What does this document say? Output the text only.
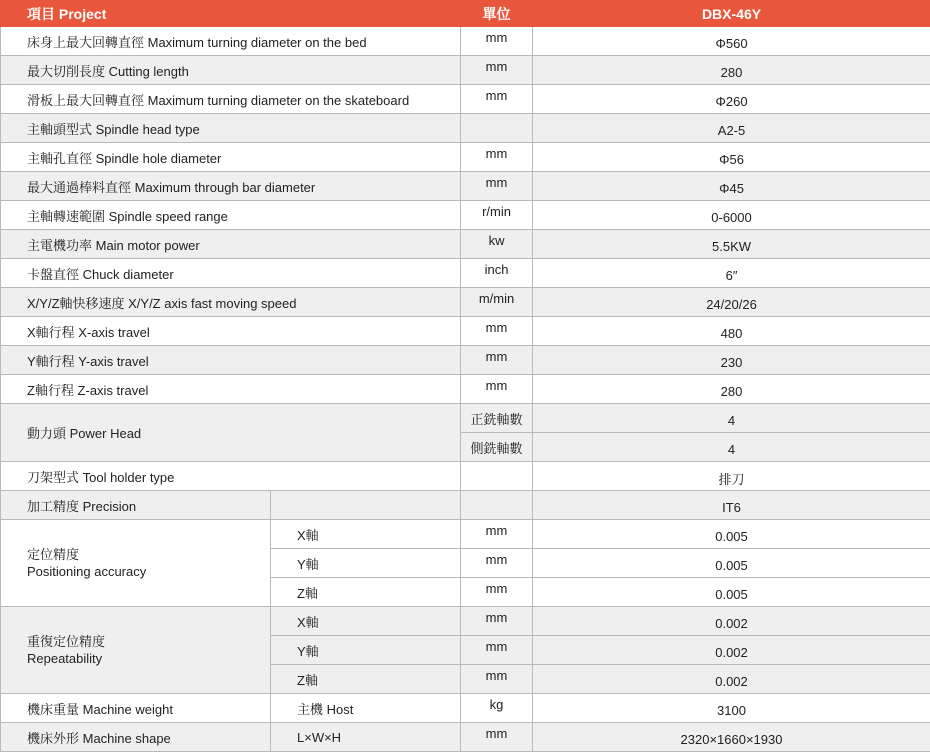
項目 Project		單位	DBX-46Y
床身上最大回轉直徑 Maximum turning diameter on the bed		mm	Φ560
最大切削長度 Cutting length		mm	280
滑板上最大回轉直徑 Maximum turning diameter on the skateboard		mm	Φ260
主軸頭型式 Spindle head type			A2-5
主軸孔直徑 Spindle hole diameter		mm	Φ56
最大通過棒料直徑 Maximum through bar diameter		mm	Φ45
主軸轉速範圍 Spindle speed range		r/min	0-6000
主電機功率 Main motor power		kw	5.5KW
卡盤直徑 Chuck diameter		inch	6″
X/Y/Z軸快移速度 X/Y/Z axis fast moving speed		m/min	24/20/26
X軸行程 X-axis travel		mm	480
Y軸行程 Y-axis travel		mm	230
Z軸行程 Z-axis travel		mm	280
動力頭 Power Head		正銑軸數	4
		側銑軸數	4
刀架型式 Tool holder type			排刀
加工精度 Precision			IT6

定位精度
Positioning accuracy	X軸	mm	0.005
	Y軸	mm	0.005
	Z軸	mm	0.005

重復定位精度
Repeatability	X軸	mm	0.002
	Y軸	mm	0.002
	Z軸	mm	0.002
機床重量 Machine weight	主機 Host	kg	3100
機床外形 Machine shape	L×W×H	mm	2320×1660×1930
